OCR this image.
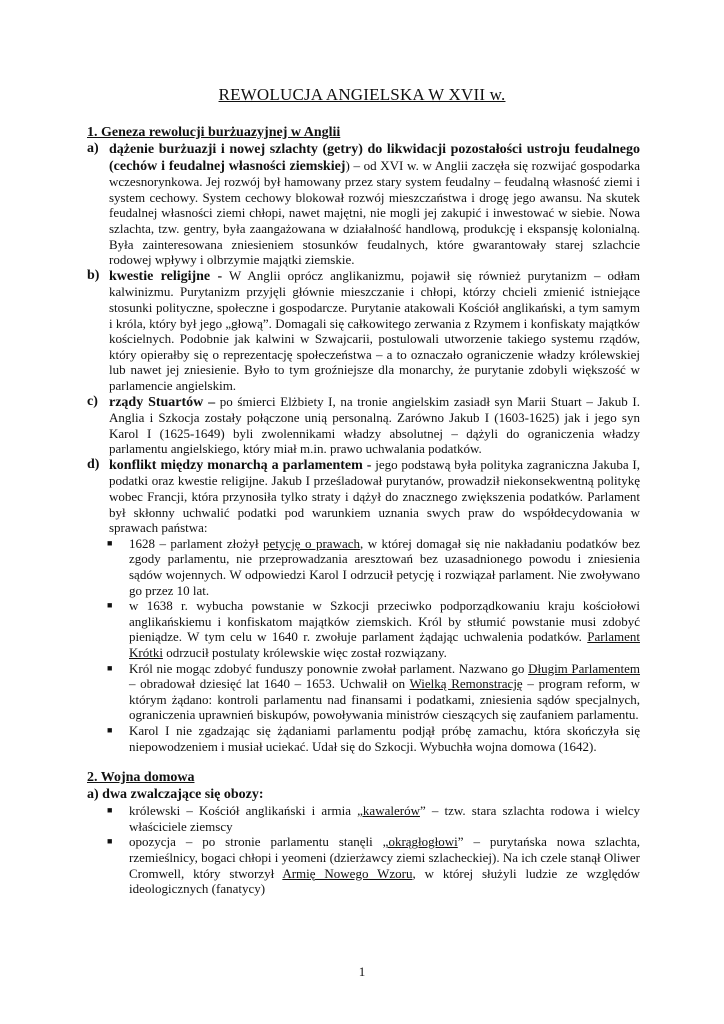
REWOLUCJA ANGIELSKA W XVII w.
1. Geneza rewolucji burżuazyjnej w Anglii
a) dążenie burżuazji i nowej szlachty (getry) do likwidacji pozostałości ustroju feudalnego (cechów i feudalnej własności ziemskiej) – od XVI w. w Anglii zaczęła się rozwijać gospodarka wczesnorynkowa. Jej rozwój był hamowany przez stary system feudalny – feudalną własność ziemi i system cechowy. System cechowy blokował rozwój mieszczaństwa i drogę jego awansu. Na skutek feudalnej własności ziemi chłopi, nawet majętni, nie mogli jej zakupić i inwestować w siebie. Nowa szlachta, tzw. gentry, była zaangażowana w działalność handlową, produkcję i ekspansję kolonialną. Była zainteresowana zniesieniem stosunków feudalnych, które gwarantowały starej szlachcie rodowej wpływy i olbrzymie majątki ziemskie.
b) kwestie religijne - W Anglii oprócz anglikanizmu, pojawił się również purytanizm – odłam kalwinizmu. Purytanizm przyjęli głównie mieszczanie i chłopi, którzy chcieli zmienić istniejące stosunki polityczne, społeczne i gospodarcze. Purytanie atakowali Kościół anglikański, a tym samym i króla, który był jego „głową”. Domagali się całkowitego zerwania z Rzymem i konfiskaty majątków kościelnych. Podobnie jak kalwini w Szwajcarii, postulowali utworzenie takiego systemu rządów, który opierałby się o reprezentację społeczeństwa – a to oznaczało ograniczenie władzy królewskiej lub nawet jej zniesienie. Było to tym groźniejsze dla monarchy, że purytanie zdobyli większość w parlamencie angielskim.
c) rządy Stuartów – po śmierci Elżbiety I, na tronie angielskim zasiadł syn Marii Stuart – Jakub I. Anglia i Szkocja zostały połączone unią personalną. Zarówno Jakub I (1603-1625) jak i jego syn Karol I (1625-1649) byli zwolennikami władzy absolutnej – dążyli do ograniczenia władzy parlamentu angielskiego, który miał m.in. prawo uchwalania podatków.
d) konflikt między monarchą a parlamentem - jego podstawą była polityka zagraniczna Jakuba I, podatki oraz kwestie religijne. Jakub I prześladował purytanów, prowadził niekonsekwentną politykę wobec Francji, która przynosiła tylko straty i dążył do znacznego zwiększenia podatków. Parlament był skłonny uchwalić podatki pod warunkiem uznania swych praw do współdecydowania w sprawach państwa:
■ 1628 – parlament złożył petycję o prawach, w której domagał się nie nakładaniu podatków bez zgody parlamentu, nie przeprowadzania aresztowań bez uzasadnionego powodu i zniesienia sądów wojennych. W odpowiedzi Karol I odrzucił petycję i rozwiązał parlament. Nie zwoływano go przez 10 lat.
■ w 1638 r. wybucha powstanie w Szkocji przeciwko podporządkowaniu kraju kościołowi anglikańskiemu i konfiskatom majątków ziemskich. Król by stłumić powstanie musi zdobyć pieniądze. W tym celu w 1640 r. zwołuje parlament żądając uchwalenia podatków. Parlament Krótki odrzucił postulaty królewskie więc został rozwiązany.
■ Król nie mogąc zdobyć funduszy ponownie zwołał parlament. Nazwano go Długim Parlamentem – obradował dziesięć lat 1640 – 1653. Uchwalił on Wielką Remonstrację – program reform, w którym żądano: kontroli parlamentu nad finansami i podatkami, zniesienia sądów specjalnych, ograniczenia uprawnień biskupów, powoływania ministrów cieszących się zaufaniem parlamentu.
■ Karol I nie zgadzając się żądaniami parlamentu podjął próbę zamachu, która skończyła się niepowodzeniem i musiał uciekać. Udał się do Szkocji. Wybuchła wojna domowa (1642).
2. Wojna domowa
a) dwa zwalczające się obozy:
■ królewski – Kościół anglikański i armia „kawalerów” – tzw. stara szlachta rodowa i wielcy właściciele ziemscy
■ opozycja – po stronie parlamentu stanęli „okrągłogłowi” – purytańska nowa szlachta, rzemieślnicy, bogaci chłopi i yeomeni (dzierżawcy ziemi szlacheckiej). Na ich czele stanął Oliwer Cromwell, który stworzył Armię Nowego Wzoru, w której służyli ludzie ze względów ideologicznych (fanatycy)
1
